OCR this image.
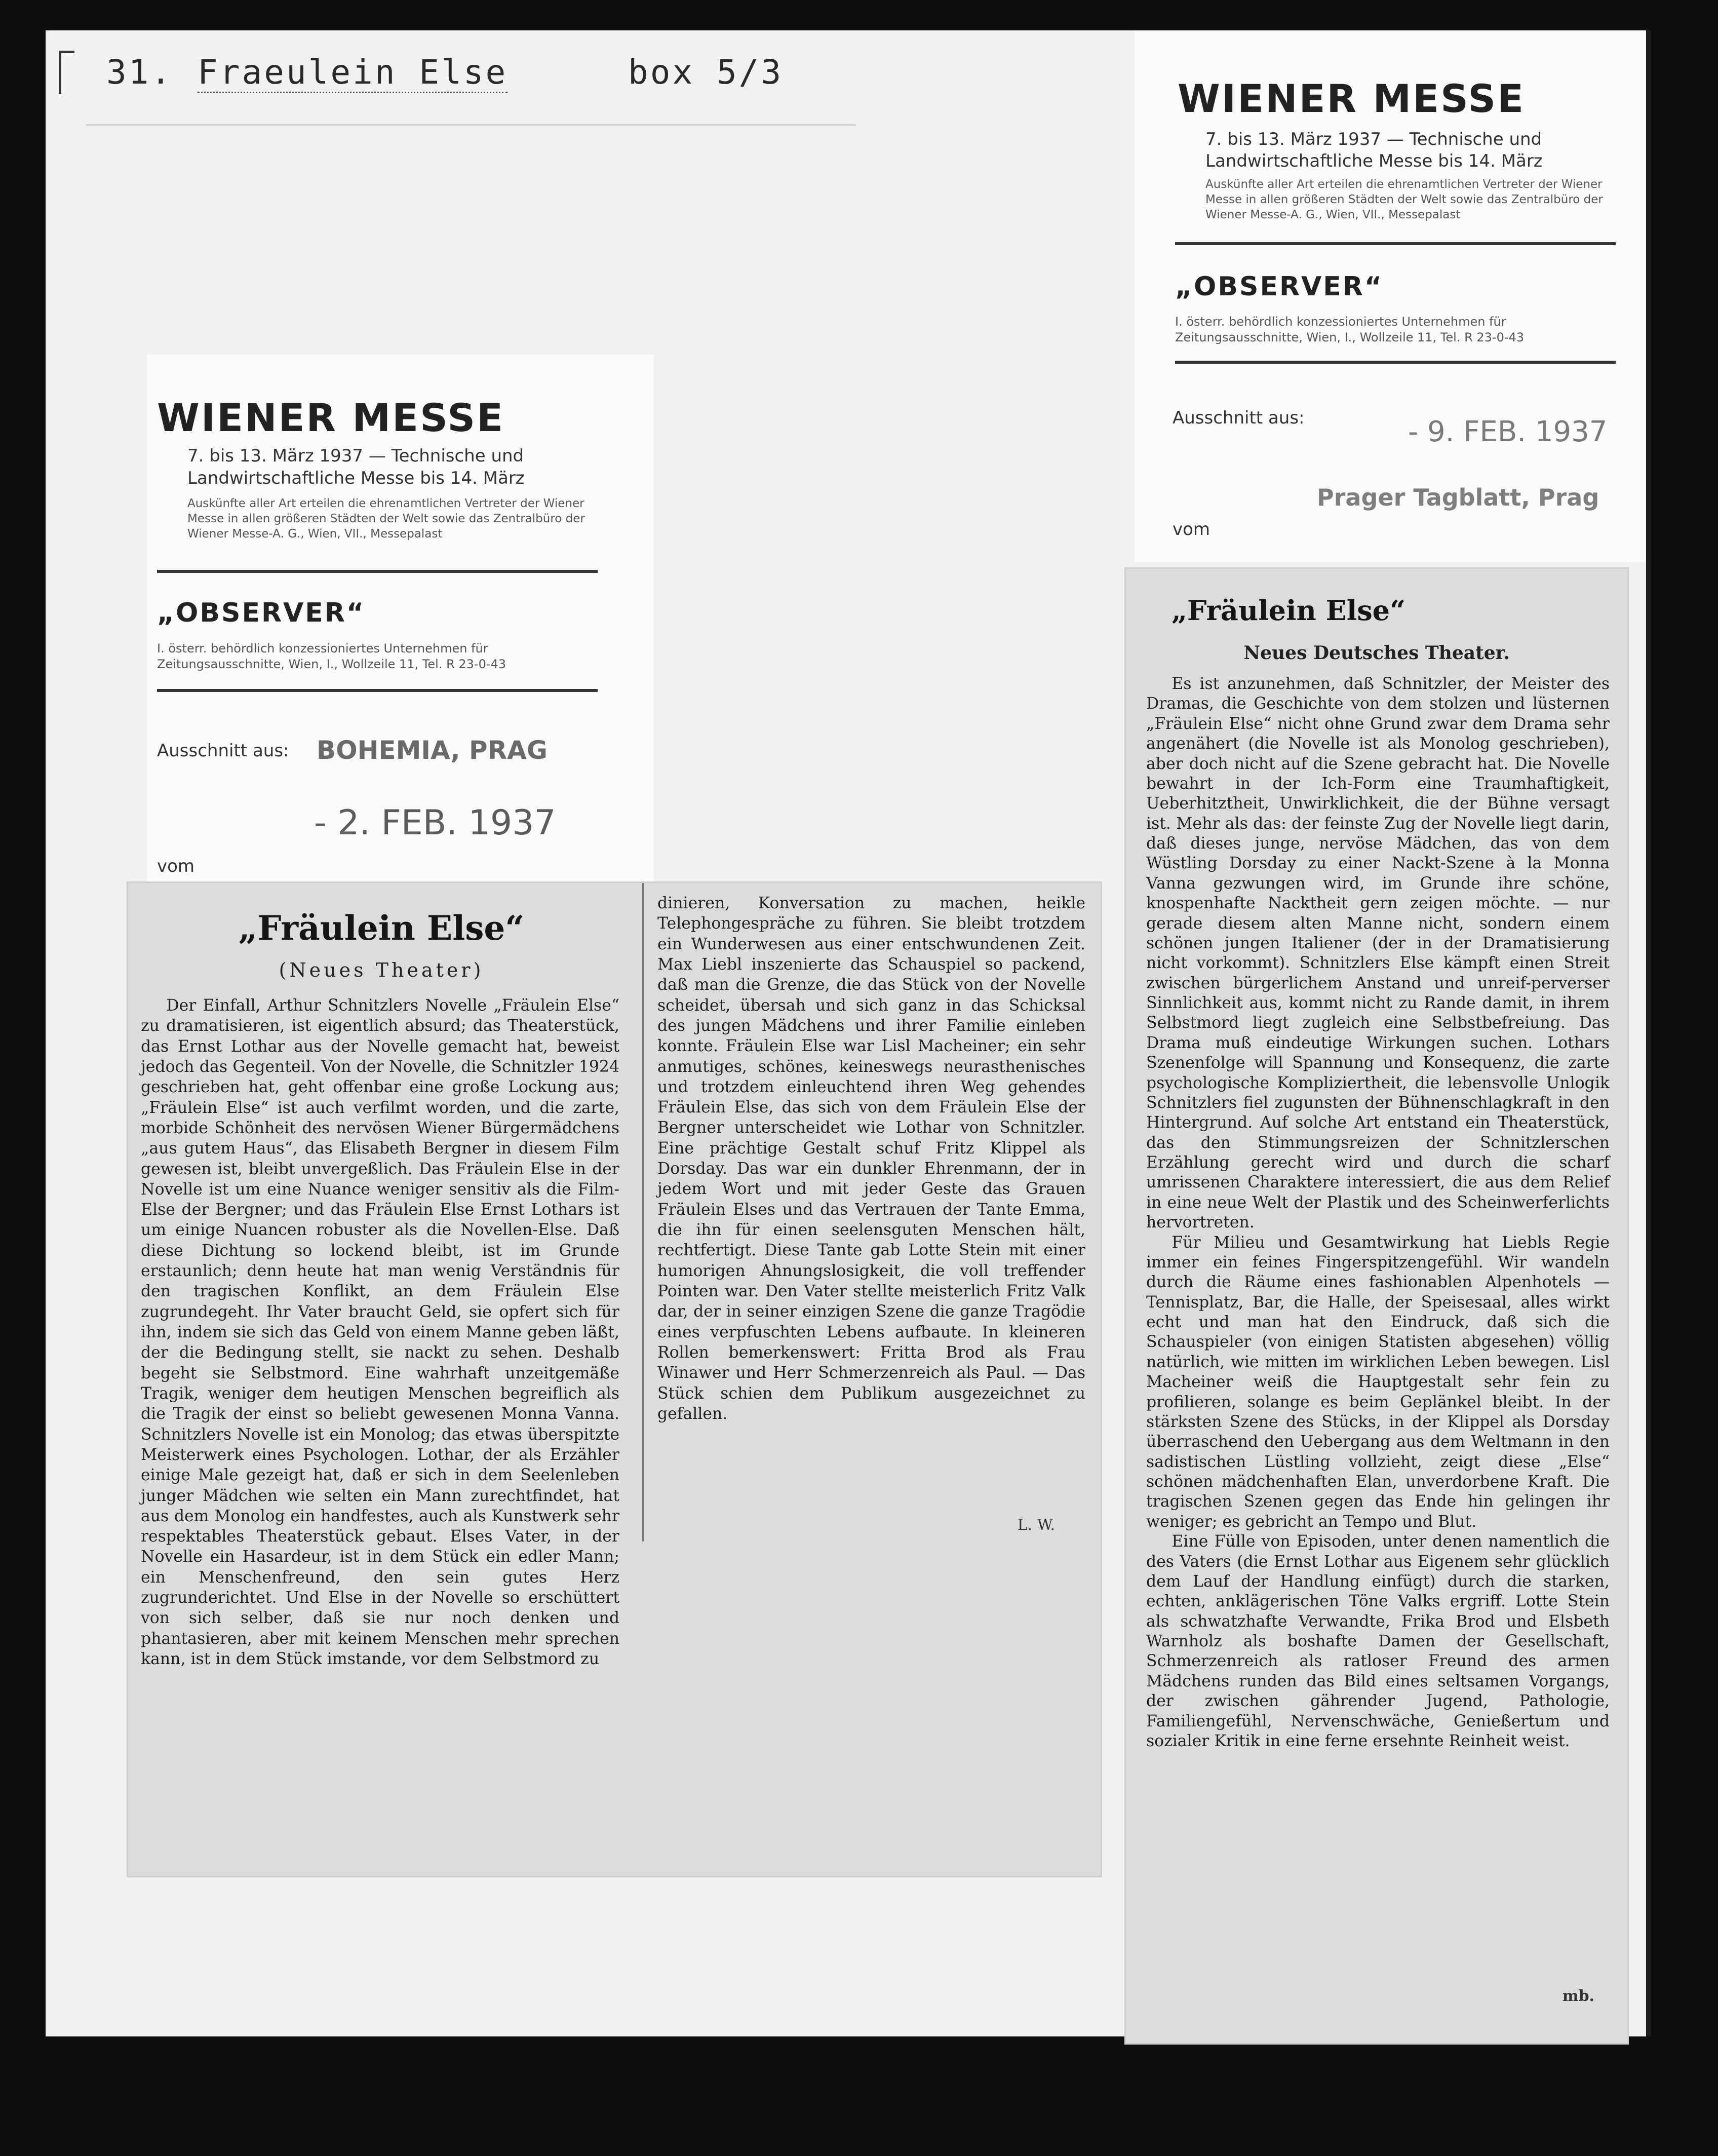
31. Fraeulein Else	box 5/3
WIENER MESSE
7. bis 13. März 1937 — Technische und
Landwirtschaftliche Messe bis 14. März
Auskünfte aller Art erteilen die ehrenamtlichen Vertreter der Wiener Messe in allen größeren Städten der Welt sowie das Zentralbüro der Wiener Messe-A. G., Wien, VII., Messepalast
„OBSERVER“
I. österr. behördlich konzessioniertes Unternehmen für Zeitungsausschnitte, Wien, I., Wollzeile 11, Tel. R 23-0-43
Ausschnitt aus: BOHEMIA, PRAG
- 2. FEB. 1937
vom
„Fräulein Else“
(Neues Theater)

Der Einfall, Arthur Schnitzlers Novelle „Fräulein Else“ zu dramatisieren, ist eigentlich absurd; das Theaterstück, das Ernst Lothar aus der Novelle gemacht hat, beweist jedoch das Gegenteil. Von der Novelle, die Schnitzler 1924 geschrieben hat, geht offenbar eine große Lockung aus; „Fräulein Else“ ist auch verfilmt worden, und die zarte, morbide Schönheit des nervösen Wiener Bürgermädchens „aus gutem Haus“, das Elisabeth Bergner in diesem Film gewesen ist, bleibt unvergeßlich. Das Fräulein Else in der Novelle ist um eine Nuance weniger sensitiv als die Film-Else der Bergner; und das Fräulein Else Ernst Lothars ist um einige Nuancen robuster als die Novellen-Else. Daß diese Dichtung so lockend bleibt, ist im Grunde erstaunlich; denn heute hat man wenig Verständnis für den tragischen Konflikt, an dem Fräulein Else zugrundegeht. Ihr Vater braucht Geld, sie opfert sich für ihn, indem sie sich das Geld von einem Manne geben läßt, der die Bedingung stellt, sie nackt zu sehen. Deshalb begeht sie Selbstmord. Eine wahrhaft unzeitgemäße Tragik, weniger dem heutigen Menschen begreiflich als die Tragik der einst so beliebt gewesenen Monna Vanna. Schnitzlers Novelle ist ein Monolog; das etwas überspitzte Meisterwerk eines Psychologen. Lothar, der als Erzähler einige Male gezeigt hat, daß er sich in dem Seelenleben junger Mädchen wie selten ein Mann zurechtfindet, hat aus dem Monolog ein handfestes, auch als Kunstwerk sehr respektables Theaterstück gebaut. Elses Vater, in der Novelle ein Hasardeur, ist in dem Stück ein edler Mann; ein Menschenfreund, den sein gutes Herz zugrunderichtet. Und Else in der Novelle so erschüttert von sich selber, daß sie nur noch denken und phantasieren, aber mit keinem Menschen mehr sprechen kann, ist in dem Stück imstande, vor dem Selbstmord zu

dinieren, Konversation zu machen, heikle Telephongespräche zu führen. Sie bleibt trotzdem ein Wunderwesen aus einer entschwundenen Zeit. Max Liebl inszenierte das Schauspiel so packend, daß man die Grenze, die das Stück von der Novelle scheidet, übersah und sich ganz in das Schicksal des jungen Mädchens und ihrer Familie einleben konnte. Fräulein Else war Lisl Macheiner; ein sehr anmutiges, schönes, keineswegs neurasthenisches und trotzdem einleuchtend ihren Weg gehendes Fräulein Else, das sich von dem Fräulein Else der Bergner unterscheidet wie Lothar von Schnitzler. Eine prächtige Gestalt schuf Fritz Klippel als Dorsday. Das war ein dunkler Ehrenmann, der in jedem Wort und mit jeder Geste das Grauen Fräulein Elses und das Vertrauen der Tante Emma, die ihn für einen seelensguten Menschen hält, rechtfertigt. Diese Tante gab Lotte Stein mit einer humorigen Ahnungslosigkeit, die voll treffender Pointen war. Den Vater stellte meisterlich Fritz Valk dar, der in seiner einzigen Szene die ganze Tragödie eines verpfuschten Lebens aufbaute. In kleineren Rollen bemerkenswert: Fritta Brod als Frau Winawer und Herr Schmerzenreich als Paul. — Das Stück schien dem Publikum ausgezeichnet zu gefallen.

L. W.
WIENER MESSE
7. bis 13. März 1937 — Technische und
Landwirtschaftliche Messe bis 14. März
Auskünfte aller Art erteilen die ehrenamtlichen Vertreter der Wiener Messe in allen größeren Städten der Welt sowie das Zentralbüro der Wiener Messe-A. G., Wien, VII., Messepalast
„OBSERVER“
I. österr. behördlich konzessioniertes Unternehmen für Zeitungsausschnitte, Wien, I., Wollzeile 11, Tel. R 23-0-43
Ausschnitt aus:	- 9. FEB. 1937
Prager Tagblatt, Prag
vom
„Fräulein Else“
Neues Deutsches Theater.

Es ist anzunehmen, daß Schnitzler, der Meister des Dramas, die Geschichte von dem stolzen und lüsternen „Fräulein Else“ nicht ohne Grund zwar dem Drama sehr angenähert (die Novelle ist als Monolog geschrieben), aber doch nicht auf die Szene gebracht hat. Die Novelle bewahrt in der Ich-Form eine Traumhaftigkeit, Ueberhitztheit, Unwirklichkeit, die der Bühne versagt ist. Mehr als das: der feinste Zug der Novelle liegt darin, daß dieses junge, nervöse Mädchen, das von dem Wüstling Dorsday zu einer Nackt-Szene à la Monna Vanna gezwungen wird, im Grunde ihre schöne, knospenhafte Nacktheit gern zeigen möchte. — nur gerade diesem alten Manne nicht, sondern einem schönen jungen Italiener (der in der Dramatisierung nicht vorkommt). Schnitzlers Else kämpft einen Streit zwischen bürgerlichem Anstand und unreif-perverser Sinnlichkeit aus, kommt nicht zu Rande damit, in ihrem Selbstmord liegt zugleich eine Selbstbefreiung. Das Drama muß eindeutige Wirkungen suchen. Lothars Szenenfolge will Spannung und Konsequenz, die zarte psychologische Kompliziertheit, die lebensvolle Unlogik Schnitzlers fiel zugunsten der Bühnenschlagkraft in den Hintergrund. Auf solche Art entstand ein Theaterstück, das den Stimmungsreizen der Schnitzlerschen Erzählung gerecht wird und durch die scharf umrissenen Charaktere interessiert, die aus dem Relief in eine neue Welt der Plastik und des Scheinwerferlichts hervortreten.

Für Milieu und Gesamtwirkung hat Liebls Regie immer ein feines Fingerspitzengefühl. Wir wandeln durch die Räume eines fashionablen Alpenhotels — Tennisplatz, Bar, die Halle, der Speisesaal, alles wirkt echt und man hat den Eindruck, daß sich die Schauspieler (von einigen Statisten abgesehen) völlig natürlich, wie mitten im wirklichen Leben bewegen. Lisl Macheiner weiß die Hauptgestalt sehr fein zu profilieren, solange es beim Geplänkel bleibt. In der stärksten Szene des Stücks, in der Klippel als Dorsday überraschend den Uebergang aus dem Weltmann in den sadistischen Lüstling vollzieht, zeigt diese „Else“ schönen mädchenhaften Elan, unverdorbene Kraft. Die tragischen Szenen gegen das Ende hin gelingen ihr weniger; es gebricht an Tempo und Blut.

Eine Fülle von Episoden, unter denen namentlich die des Vaters (die Ernst Lothar aus Eigenem sehr glücklich dem Lauf der Handlung einfügt) durch die starken, echten, anklägerischen Töne Valks ergriff. Lotte Stein als schwatzhafte Verwandte, Frika Brod und Elsbeth Warnholz als boshafte Damen der Gesellschaft, Schmerzenreich als ratloser Freund des armen Mädchens runden das Bild eines seltsamen Vorgangs, der zwischen gährender Jugend, Pathologie, Familiengefühl, Nervenschwäche, Genießertum und sozialer Kritik in eine ferne ersehnte Reinheit weist.

mb.
